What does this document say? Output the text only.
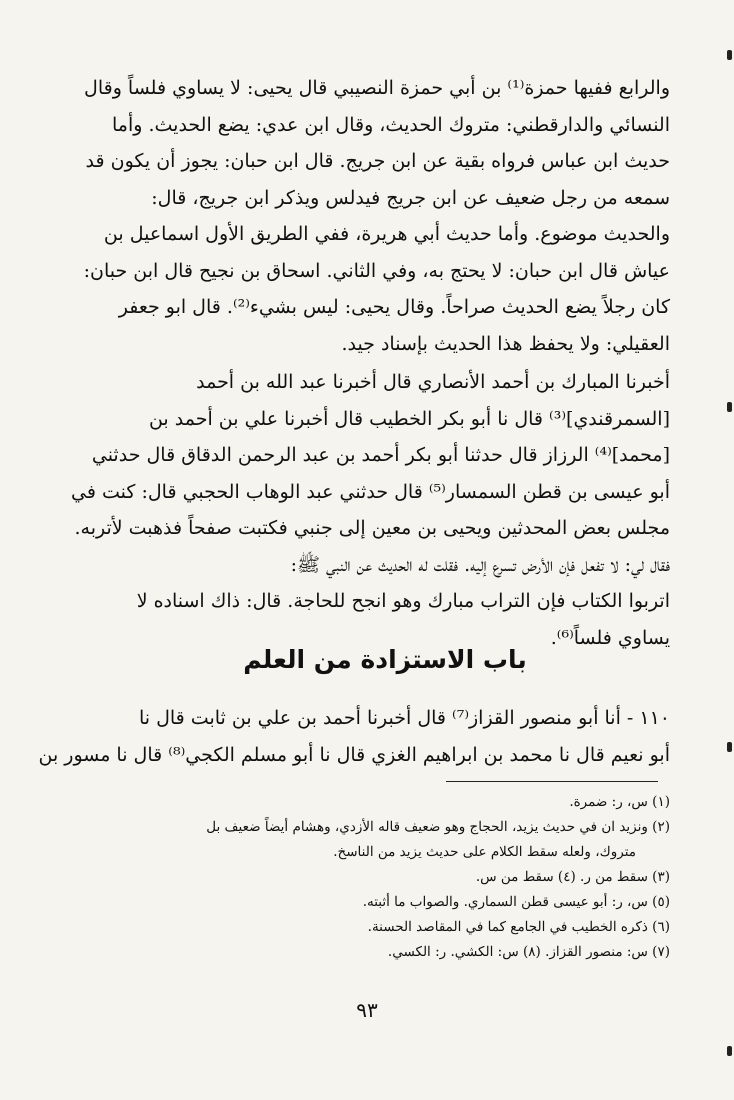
والرابع ففيها حمزة⁽¹⁾ بن أبي حمزة النصيبي قال يحيى: لا يساوي فلساً وقال
النسائي والدارقطني: متروك الحديث، وقال ابن عدي: يضع الحديث. وأما
حديث ابن عباس فرواه بقية عن ابن جريج. قال ابن حبان: يجوز أن يكون قد
سمعه من رجل ضعيف عن ابن جريج فيدلس ويذكر ابن جريج، قال:
والحديث موضوع. وأما حديث أبي هريرة، ففي الطريق الأول اسماعيل بن
عياش قال ابن حبان: لا يحتج به، وفي الثاني. اسحاق بن نجيح قال ابن حبان:
كان رجلاً يضع الحديث صراحاً. وقال يحيى: ليس بشيء⁽²⁾. قال ابو جعفر
العقيلي: ولا يحفظ هذا الحديث بإسناد جيد.
أخبرنا المبارك بن أحمد الأنصاري قال أخبرنا عبد الله بن أحمد
[السمرقندي]⁽³⁾ قال نا أبو بكر الخطيب قال أخبرنا علي بن أحمد بن
[محمد]⁽⁴⁾ الرزاز قال حدثنا أبو بكر أحمد بن عبد الرحمن الدقاق قال حدثني
أبو عيسى بن قطن السمسار⁽⁵⁾ قال حدثني عبد الوهاب الحجبي قال: كنت في
مجلس بعض المحدثين ويحيى بن معين إلى جنبي فكتبت صفحاً فذهبت لأتربه.
فقال لي: لا تفعل فإن الأرض تسرع إليه. فقلت له الحديث عن النبي ﷺ:
اتربوا الكتاب فإن التراب مبارك وهو انجح للحاجة. قال: ذاك اسناده لا
يساوي فلساً⁽⁶⁾.
باب الاستزادة من العلم
١١٠ - أنا أبو منصور القزاز⁽⁷⁾ قال أخبرنا أحمد بن علي بن ثابت قال نا
أبو نعيم قال نا محمد بن ابراهيم الغزي قال نا أبو مسلم الكجي⁽⁸⁾ قال نا مسور بن
(١) س، ر: ضمرة.
(٢) ونزيد ان في حديث يزيد، الحجاج وهو ضعيف قاله الأزدي، وهشام أيضاً ضعيف بل
متروك، ولعله سقط الكلام على حديث يزيد من الناسخ.
(٣) سقط من ر. (٤) سقط من س.
(٥) س، ر: أبو عيسى قطن السماري. والصواب ما أثبته.
(٦) ذكره الخطيب في الجامع كما في المقاصد الحسنة.
(٧) س: منصور القزاز. (٨) س: الكشي. ر: الكسي.
٩٣
